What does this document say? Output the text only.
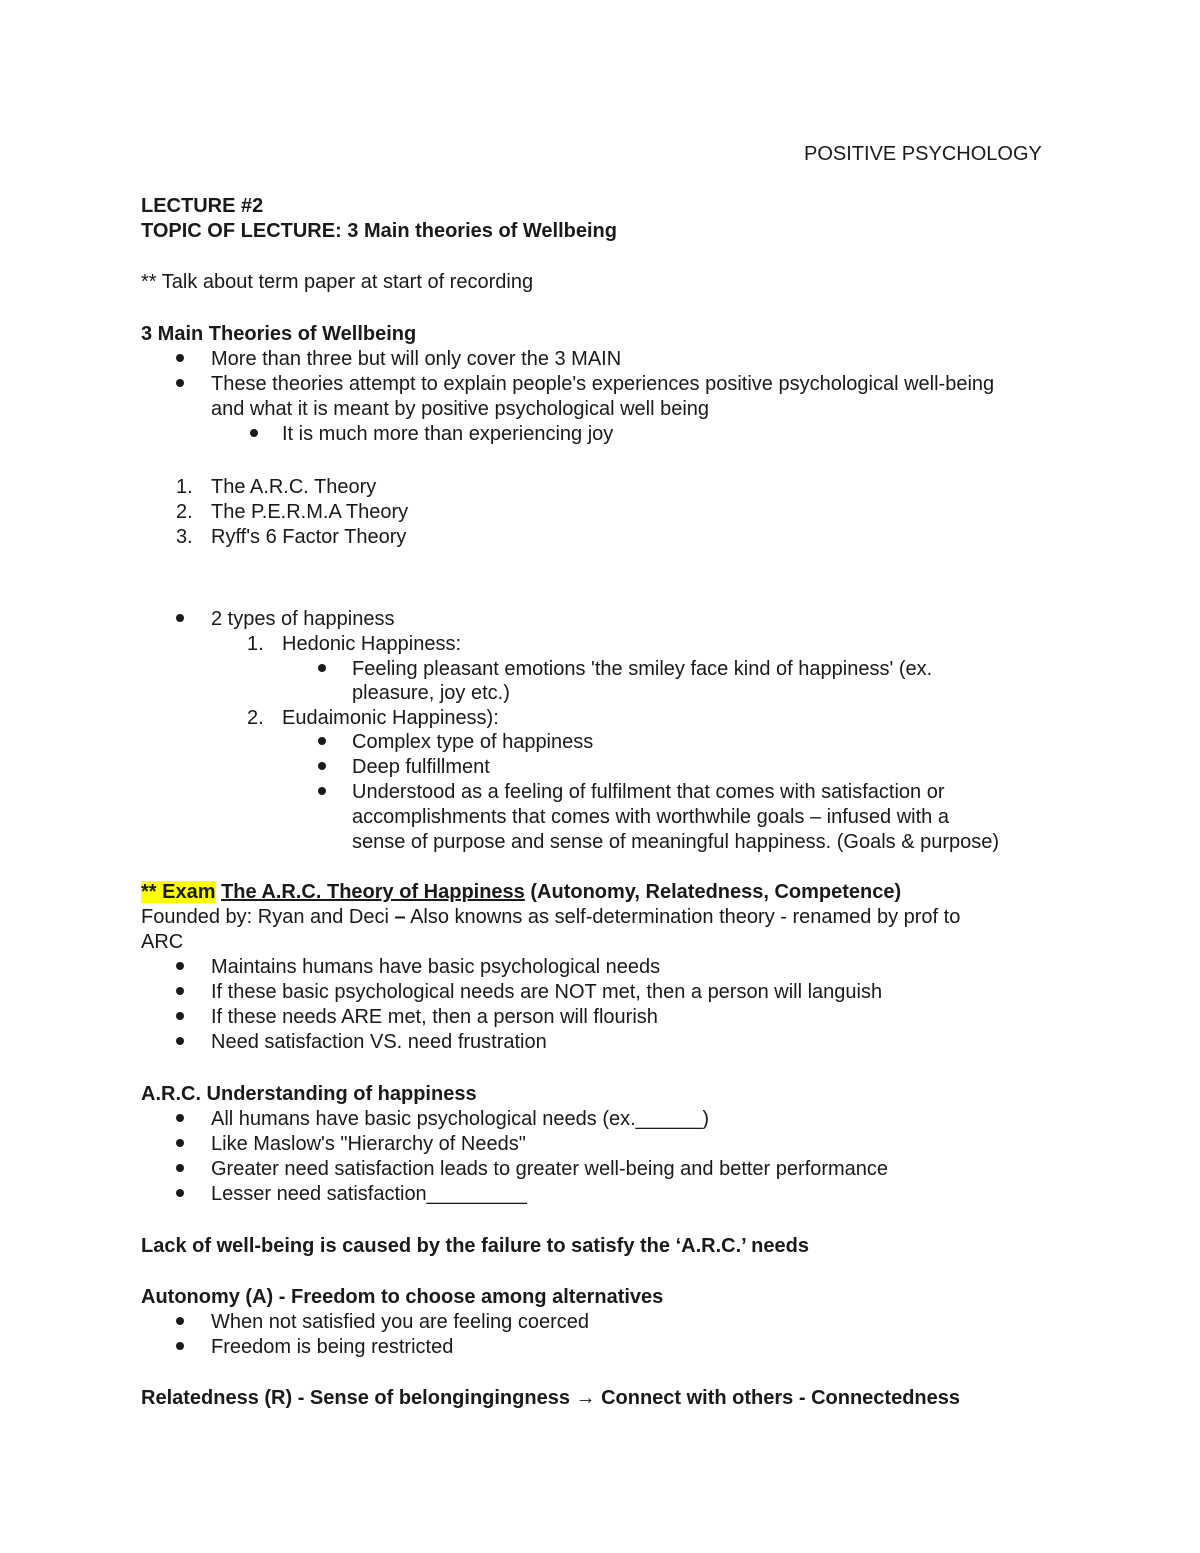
POSITIVE PSYCHOLOGY
LECTURE #2
TOPIC OF LECTURE: 3 Main theories of Wellbeing
** Talk about term paper at start of recording
3 Main Theories of Wellbeing
More than three but will only cover the 3 MAIN
These theories attempt to explain people's experiences positive psychological well-being
and what it is meant by positive psychological well being
It is much more than experiencing joy
1. The A.R.C. Theory
2. The P.E.R.M.A Theory
3. Ryff's 6 Factor Theory
2 types of happiness
1. Hedonic Happiness:
Feeling pleasant emotions 'the smiley face kind of happiness' (ex.
pleasure, joy etc.)
2. Eudaimonic Happiness):
Complex type of happiness
Deep fulfillment
Understood as a feeling of fulfilment that comes with satisfaction or
accomplishments that comes with worthwhile goals – infused with a
sense of purpose and sense of meaningful happiness. (Goals & purpose)
** Exam The A.R.C. Theory of Happiness (Autonomy, Relatedness, Competence)
Founded by: Ryan and Deci – Also knowns as self-determination theory - renamed by prof to
ARC
Maintains humans have basic psychological needs
If these basic psychological needs are NOT met, then a person will languish
If these needs ARE met, then a person will flourish
Need satisfaction VS. need frustration
A.R.C. Understanding of happiness
All humans have basic psychological needs (ex.______)
Like Maslow's "Hierarchy of Needs"
Greater need satisfaction leads to greater well-being and better performance
Lesser need satisfaction_________
Lack of well-being is caused by the failure to satisfy the ‘A.R.C.’ needs
Autonomy (A) - Freedom to choose among alternatives
When not satisfied you are feeling coerced
Freedom is being restricted
Relatedness (R) - Sense of belongingingness → Connect with others - Connectedness
